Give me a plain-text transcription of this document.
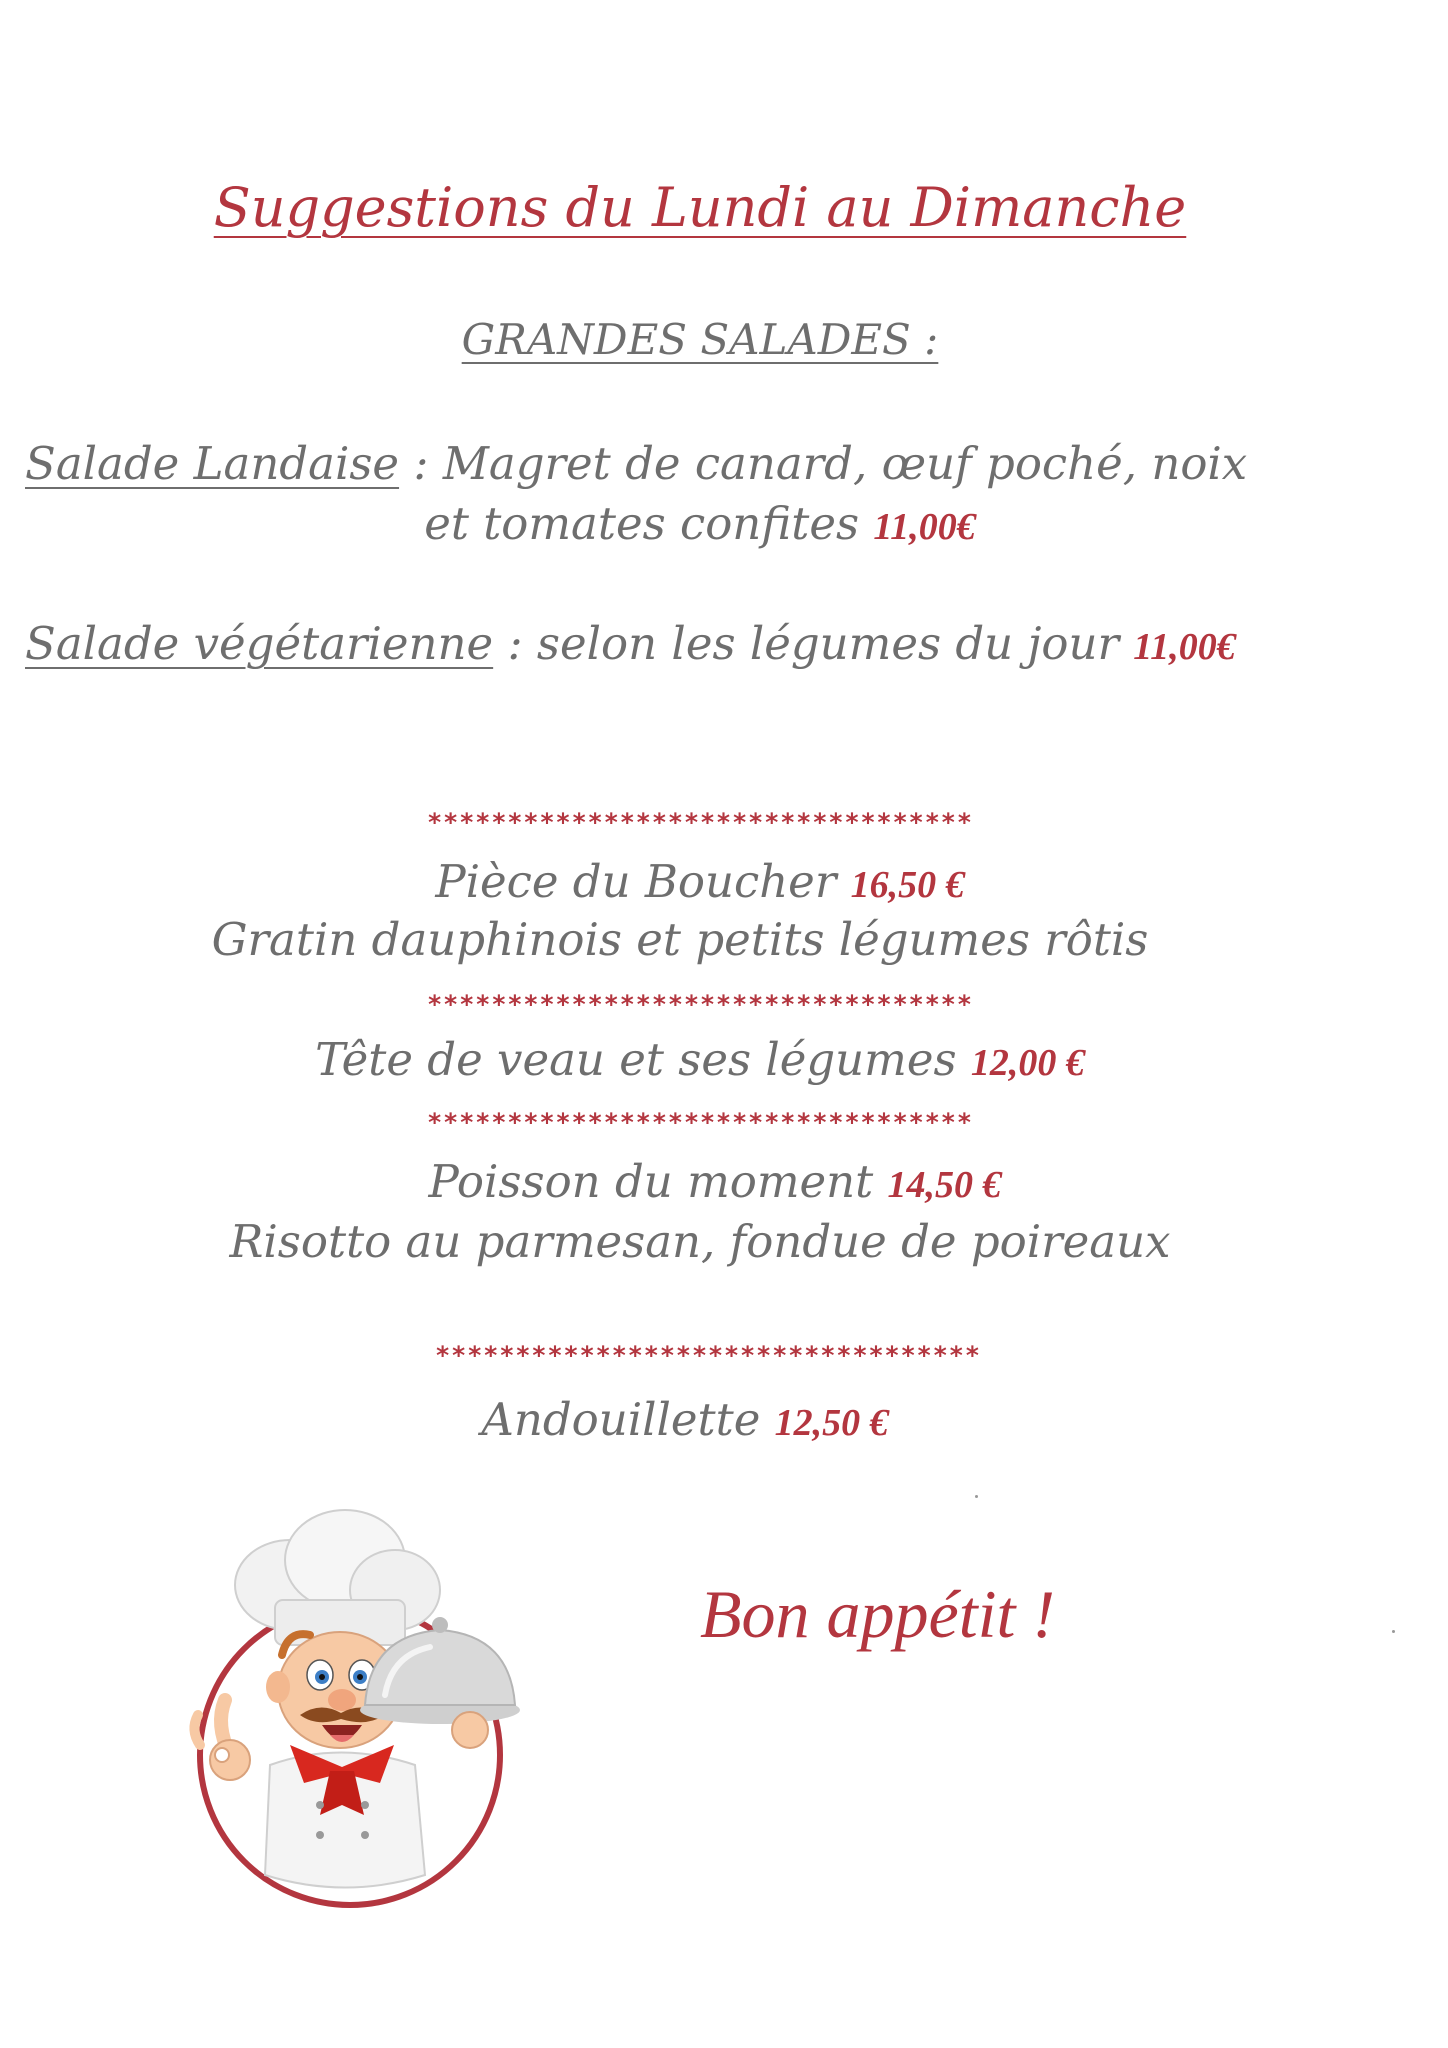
Suggestions du Lundi au Dimanche
GRANDES SALADES :
Salade Landaise : Magret de canard, œuf poché, noix
et tomates confites 11,00€
Salade végétarienne : selon les légumes du jour 11,00€
**********************************
Pièce du Boucher 16,50 €
Gratin dauphinois et petits légumes rôtis
**********************************
Tête de veau et ses légumes 12,00 €
**********************************
Poisson du moment 14,50 €
Risotto au parmesan, fondue de poireaux
**********************************
Andouillette 12,50 €
Bon appétit !
